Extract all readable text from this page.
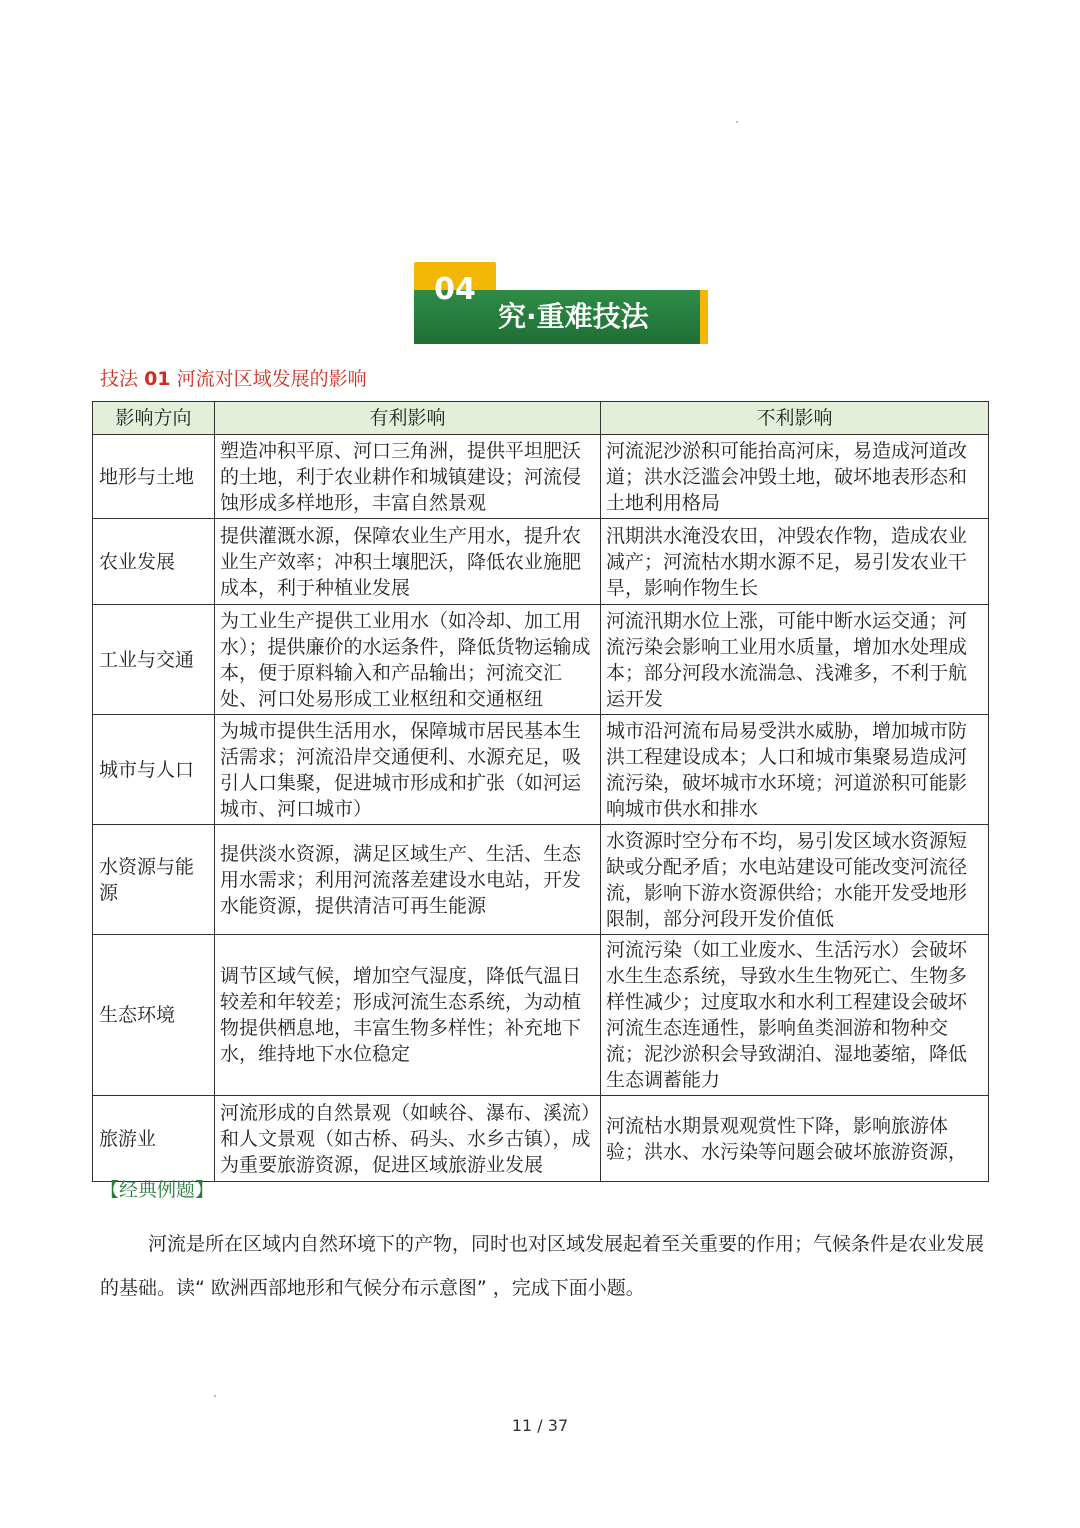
04
究·重难技法
技法 01 河流对区域发展的影响
影响方向	有利影响	不利影响
地形与土地	塑造冲积平原、河口三角洲，提供平坦肥沃的土地，利于农业耕作和城镇建设；河流侵蚀形成多样地形，丰富自然景观	河流泥沙淤积可能抬高河床，易造成河道改道；洪水泛滥会冲毁土地，破坏地表形态和土地利用格局
农业发展	提供灌溉水源，保障农业生产用水，提升农业生产效率；冲积土壤肥沃，降低农业施肥成本，利于种植业发展	汛期洪水淹没农田，冲毁农作物，造成农业减产；河流枯水期水源不足，易引发农业干旱，影响作物生长
工业与交通	为工业生产提供工业用水（如冷却、加工用水）；提供廉价的水运条件，降低货物运输成本，便于原料输入和产品输出；河流交汇处、河口处易形成工业枢纽和交通枢纽	河流汛期水位上涨，可能中断水运交通；河流污染会影响工业用水质量，增加水处理成本；部分河段水流湍急、浅滩多，不利于航运开发
城市与人口	为城市提供生活用水，保障城市居民基本生活需求；河流沿岸交通便利、水源充足，吸引人口集聚，促进城市形成和扩张（如河运城市、河口城市）	城市沿河流布局易受洪水威胁，增加城市防洪工程建设成本；人口和城市集聚易造成河流污染，破坏城市水环境；河道淤积可能影响城市供水和排水
水资源与能源	提供淡水资源，满足区域生产、生活、生态用水需求；利用河流落差建设水电站，开发水能资源，提供清洁可再生能源	水资源时空分布不均，易引发区域水资源短缺或分配矛盾；水电站建设可能改变河流径流，影响下游水资源供给；水能开发受地形限制，部分河段开发价值低
生态环境	调节区域气候，增加空气湿度，降低气温日较差和年较差；形成河流生态系统，为动植物提供栖息地，丰富生物多样性；补充地下水，维持地下水位稳定	河流污染（如工业废水、生活污水）会破坏水生生态系统，导致水生生物死亡、生物多样性减少；过度取水和水利工程建设会破坏河流生态连通性，影响鱼类洄游和物种交流；泥沙淤积会导致湖泊、湿地萎缩，降低生态调蓄能力
旅游业	河流形成的自然景观（如峡谷、瀑布、溪流）和人文景观（如古桥、码头、水乡古镇），成为重要旅游资源，促进区域旅游业发展	河流枯水期景观观赏性下降，影响旅游体验；洪水、水污染等问题会破坏旅游资源，
【经典例题】
河流是所在区域内自然环境下的产物，同时也对区域发展起着至关重要的作用；气候条件是农业发展的基础。读“ 欧洲西部地形和气候分布示意图” ，完成下面小题。
11 / 37
